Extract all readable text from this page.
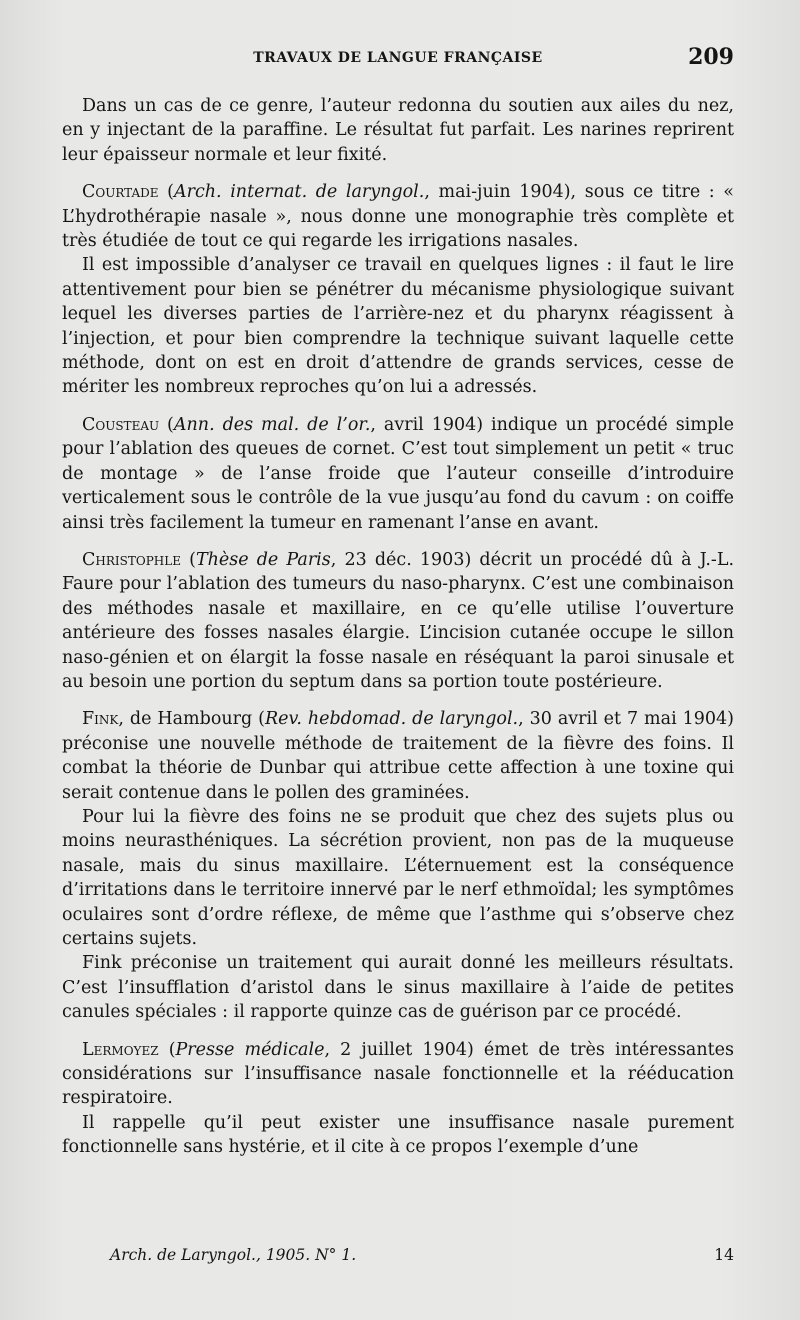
TRAVAUX DE LANGUE FRANÇAISE	209

Dans un cas de ce genre, l’auteur redonna du soutien aux ailes du nez, en y injectant de la paraffine. Le résultat fut parfait. Les narines reprirent leur épaisseur normale et leur fixité.

Courtade (Arch. internat. de laryngol., mai-juin 1904), sous ce titre : « L’hydrothérapie nasale », nous donne une monographie très complète et très étudiée de tout ce qui regarde les irrigations nasales.

Il est impossible d’analyser ce travail en quelques lignes : il faut le lire attentivement pour bien se pénétrer du mécanisme physiologique suivant lequel les diverses parties de l’arrière-nez et du pharynx réagissent à l’injection, et pour bien comprendre la technique suivant laquelle cette méthode, dont on est en droit d’attendre de grands services, cesse de mériter les nombreux reproches qu’on lui a adressés.

Cousteau (Ann. des mal. de l’or., avril 1904) indique un procédé simple pour l’ablation des queues de cornet. C’est tout simplement un petit « truc de montage » de l’anse froide que l’auteur conseille d’introduire verticalement sous le contrôle de la vue jusqu’au fond du cavum : on coiffe ainsi très facilement la tumeur en ramenant l’anse en avant.

Christophle (Thèse de Paris, 23 déc. 1903) décrit un procédé dû à J.-L. Faure pour l’ablation des tumeurs du naso-pharynx. C’est une combinaison des méthodes nasale et maxillaire, en ce qu’elle utilise l’ouverture antérieure des fosses nasales élargie. L’incision cutanée occupe le sillon naso-génien et on élargit la fosse nasale en réséquant la paroi sinusale et au besoin une portion du septum dans sa portion toute postérieure.

Fink, de Hambourg (Rev. hebdomad. de laryngol., 30 avril et 7 mai 1904) préconise une nouvelle méthode de traitement de la fièvre des foins. Il combat la théorie de Dunbar qui attribue cette affection à une toxine qui serait contenue dans le pollen des graminées.

Pour lui la fièvre des foins ne se produit que chez des sujets plus ou moins neurasthéniques. La sécrétion provient, non pas de la muqueuse nasale, mais du sinus maxillaire. L’éternuement est la conséquence d’irritations dans le territoire innervé par le nerf ethmoïdal; les symptômes oculaires sont d’ordre réflexe, de même que l’asthme qui s’observe chez certains sujets.

Fink préconise un traitement qui aurait donné les meilleurs résultats. C’est l’insufflation d’aristol dans le sinus maxillaire à l’aide de petites canules spéciales : il rapporte quinze cas de guérison par ce procédé.

Lermoyez (Presse médicale, 2 juillet 1904) émet de très intéressantes considérations sur l’insuffisance nasale fonctionnelle et la rééducation respiratoire.

Il rappelle qu’il peut exister une insuffisance nasale purement fonctionnelle sans hystérie, et il cite à ce propos l’exemple d’une

Arch. de Laryngol., 1905. N° 1.	14
